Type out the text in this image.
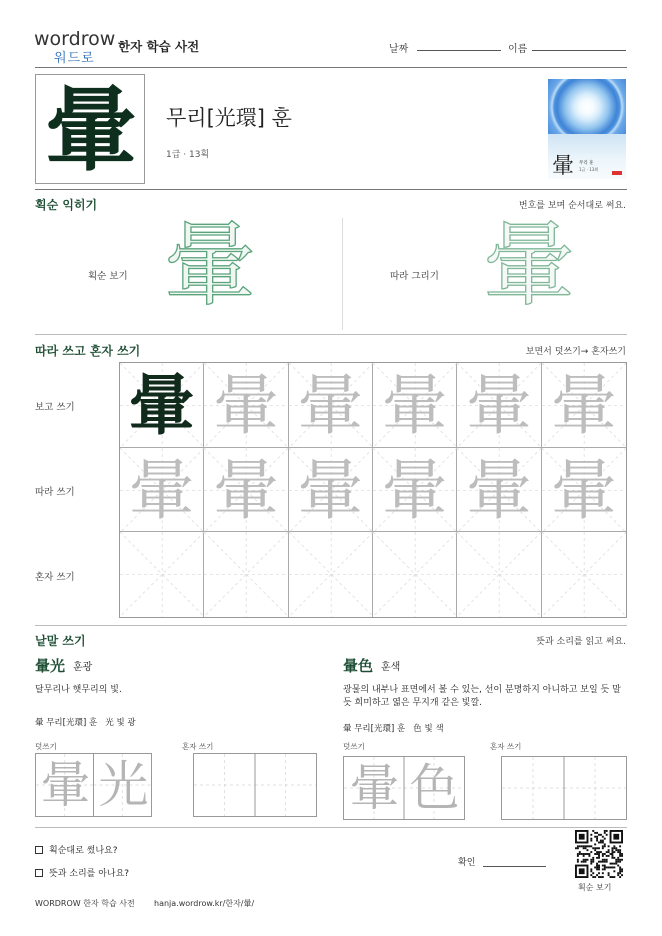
wordrow
워드로
한자 학습 사전	날짜	이름
暈	무리[光環] 훈
1급 · 13획	暈 무리 훈
1급 · 13획
획순 익히기	번호를 보며 순서대로 써요.
획순 보기 暈	따라 그리기 暈
따라 쓰고 혼자 쓰기	보면서 덧쓰기→ 혼자쓰기
보고 쓰기
따라 쓰기
혼자 쓰기
暈 暈 暈 暈 暈 暈
暈 暈 暈 暈 暈 暈
낱말 쓰기	뜻과 소리를 읽고 써요.
暈光 훈광
달무리나 햇무리의 빛.
暈 무리[光環] 훈   光 빛 광
덧쓰기	혼자 쓰기
暈 光
暈色 훈색
광물의 내부나 표면에서 볼 수 있는, 선이 분명하지 아니하고 보일 듯 말 듯 희미하고 엷은 무지개 같은 빛깔.
暈 무리[光環] 훈   色 빛 색
덧쓰기	혼자 쓰기
暈 色
획순대로 썼나요?
뜻과 소리를 아나요?
확인
획순 보기
WORDROW 한자 학습 사전 hanja.wordrow.kr/한자/暈/
